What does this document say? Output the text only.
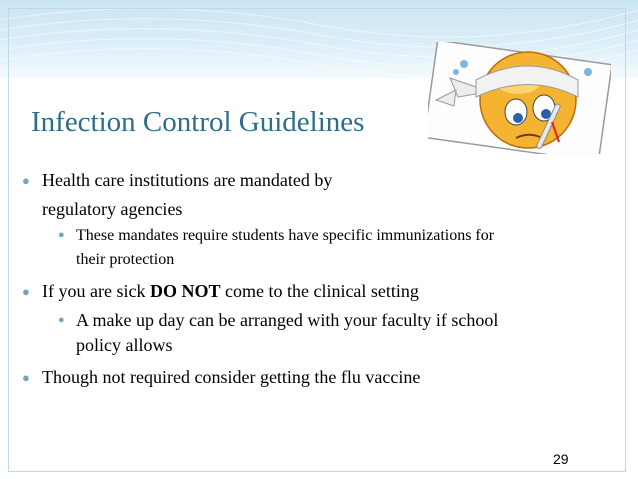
Infection Control Guidelines
● Health care institutions are mandated by
regulatory agencies
● These mandates require students have specific immunizations for
their protection
● If you are sick DO NOT come to the clinical setting
● A make up day can be arranged with your faculty if school
policy allows
● Though not required consider getting the flu vaccine
29
